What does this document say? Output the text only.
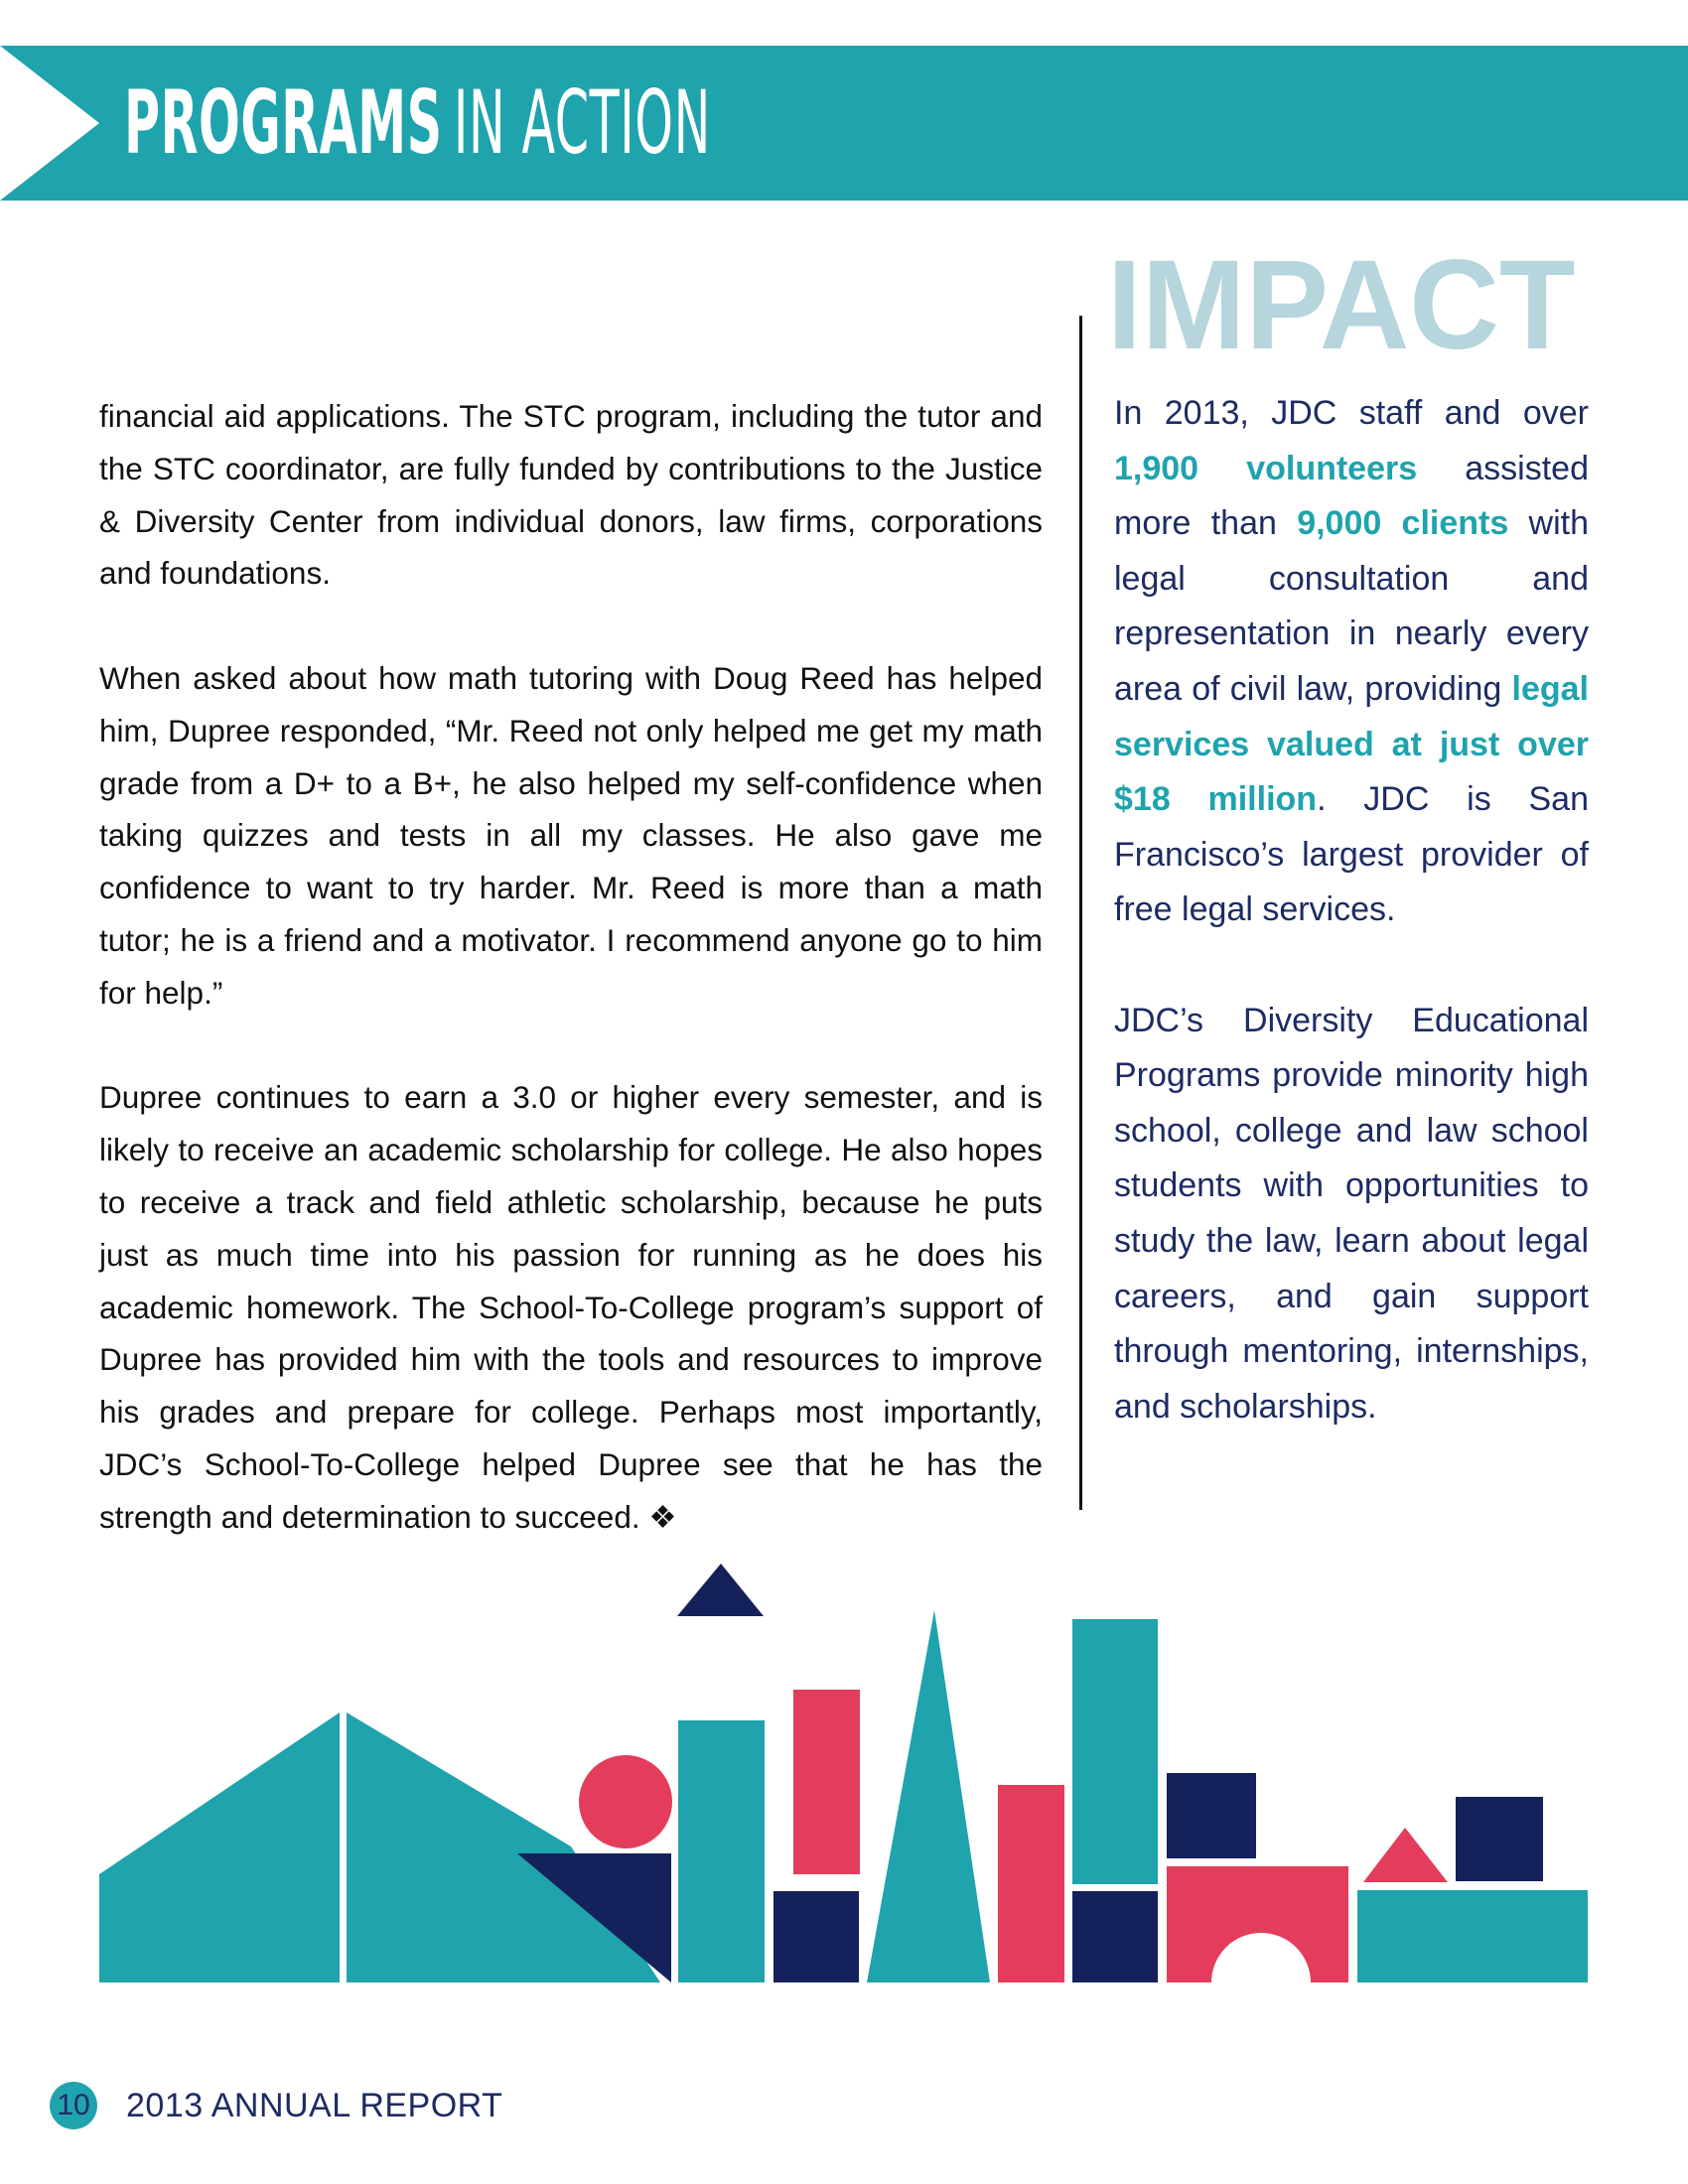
PROGRAMS IN ACTION
IMPACT

financial aid applications. The STC program, including the tutor and the STC coordinator, are fully funded by contributions to the Justice & Diversity Center from individual donors, law firms, corporations and foundations.

When asked about how math tutoring with Doug Reed has helped him, Dupree responded, “Mr. Reed not only helped me get my math grade from a D+ to a B+, he also helped my self-confidence when taking quizzes and tests in all my classes. He also gave me confidence to want to try harder. Mr. Reed is more than a math tutor; he is a friend and a motivator. I recommend anyone go to him for help.”

Dupree continues to earn a 3.0 or higher every semester, and is likely to receive an academic scholarship for college. He also hopes to receive a track and field athletic scholarship, because he puts just as much time into his passion for running as he does his academic homework. The School-To-College program’s support of Dupree has provided him with the tools and resources to improve his grades and prepare for college. Perhaps most importantly, JDC’s School-To-College helped Dupree see that he has the strength and determination to succeed. ❖

In 2013, JDC staff and over 1,900 volunteers assisted more than 9,000 clients with legal consultation and representation in nearly every area of civil law, providing legal services valued at just over $18 million. JDC is San Francisco’s largest provider of free legal services.

JDC’s Diversity Educational Programs provide minority high school, college and law school students with opportunities to study the law, learn about legal careers, and gain support through mentoring, internships, and scholarships.

10 2013 ANNUAL REPORT
